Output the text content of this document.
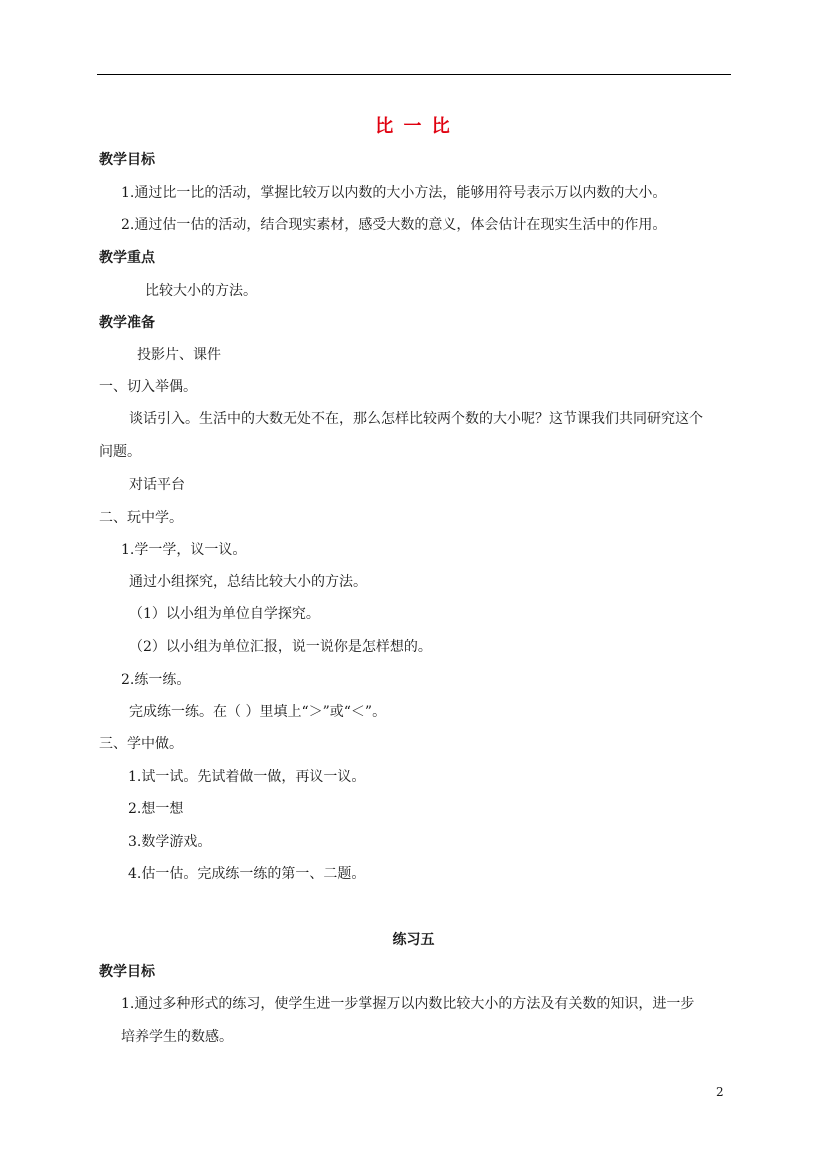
比 一 比
教学目标
1.通过比一比的活动，掌握比较万以内数的大小方法，能够用符号表示万以内数的大小。
2.通过估一估的活动，结合现实素材，感受大数的意义，体会估计在现实生活中的作用。
教学重点
比较大小的方法。
教学准备
投影片、课件
一、切入举偶。
谈话引入。生活中的大数无处不在，那么怎样比较两个数的大小呢？这节课我们共同研究这个
问题。
对话平台
二、玩中学。
1.学一学，议一议。
通过小组探究，总结比较大小的方法。
（1）以小组为单位自学探究。
（2）以小组为单位汇报，说一说你是怎样想的。
2.练一练。
完成练一练。在（ ）里填上“＞”或“＜”。
三、学中做。
1.试一试。先试着做一做，再议一议。
2.想一想
3.数学游戏。
4.估一估。完成练一练的第一、二题。
练习五
教学目标
1.通过多种形式的练习，使学生进一步掌握万以内数比较大小的方法及有关数的知识，进一步
培养学生的数感。
2
